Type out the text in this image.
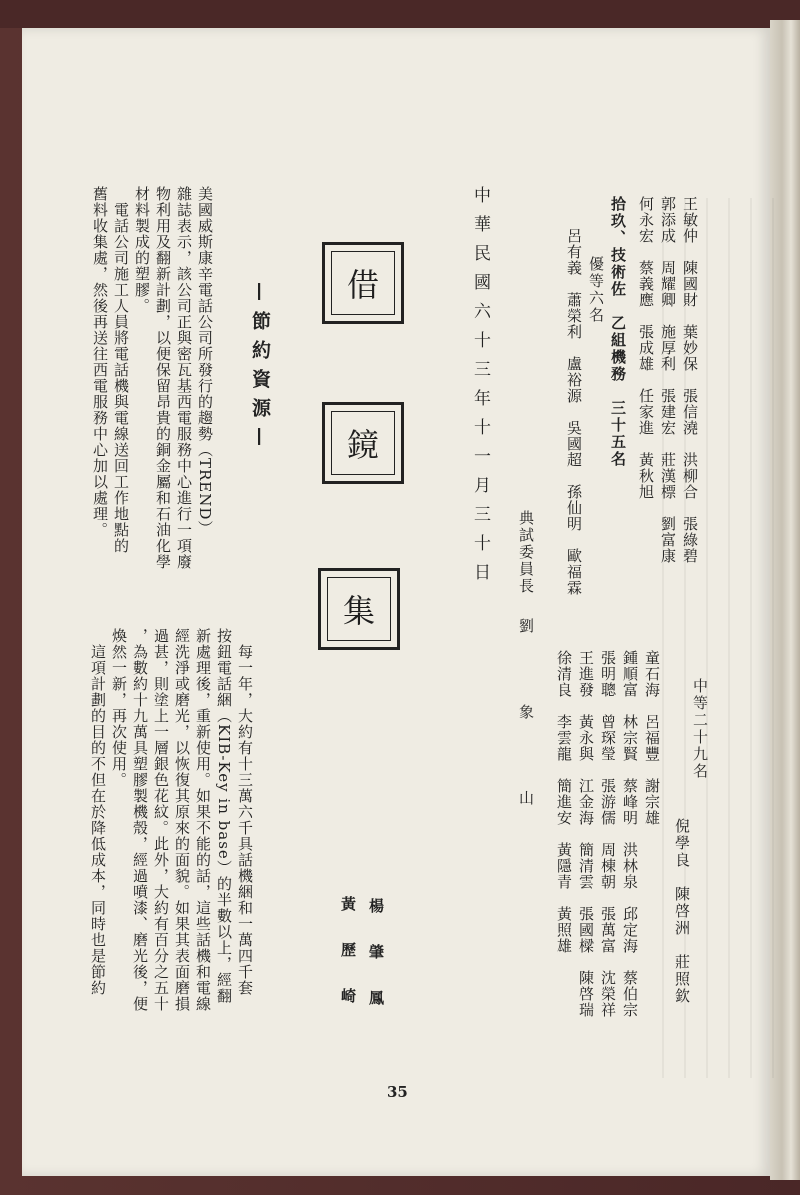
王敏仲　陳國財　葉妙保　張信澆　洪柳合　張綠碧
郭添成　周耀卿　施厚利　張建宏　莊漢標　劉富康
何永宏　蔡義應　張成雄　任家進　黃秋旭
拾玖、技術佐　乙組機務　三十五名
優等六名
呂有義　蕭榮利　盧裕源　吳國超　孫仙明　歐福霖
典試委員長
劉　象　山	中等二十九名
倪學良　陳啓洲　莊照欽
童石海　呂福豐　謝宗雄
鍾順富　林宗賢　蔡峰明　洪林泉　邱定海　蔡伯宗
張明聰　曾琛瑩　張游儒　周棟朝　張萬富　沈榮祥
王進發　黃永與　江金海　簡清雲　張國樑　陳啓瑞
徐清良　李雲龍　簡進安　黃隱青　黃照雄
中華民國六十三年十一月三十日
楊　肇　鳳
黃　歷　崎
借
鏡
集
—節約資源—
美國威斯康辛電話公司所發行的趨勢（TREND）
雜誌表示，該公司正與密瓦基西電服務中心進行一項廢
物利用及翻新計劃，以便保留昂貴的銅金屬和石油化學
材料製成的塑膠。
　電話公司施工人員將電話機與電線送回工作地點的
舊料收集處，然後再送往西電服務中心加以處理。
　每一年，大約有十三萬六千具話機綑和一萬四千套
按鈕電話綑（KIB-Key in base）的半數以上，經翻
新處理後，重新使用。如果不能的話，這些話機和電線
經洗淨或磨光，以恢復其原來的面貌。如果其表面磨損
過甚，則塗上一層銀色花紋。此外，大約有百分之五十
，為數約十九萬具塑膠製機殼，經過噴漆、磨光後，便
煥然一新，再次使用。
　這項計劃的目的不但在於降低成本，同時也是節約
35
